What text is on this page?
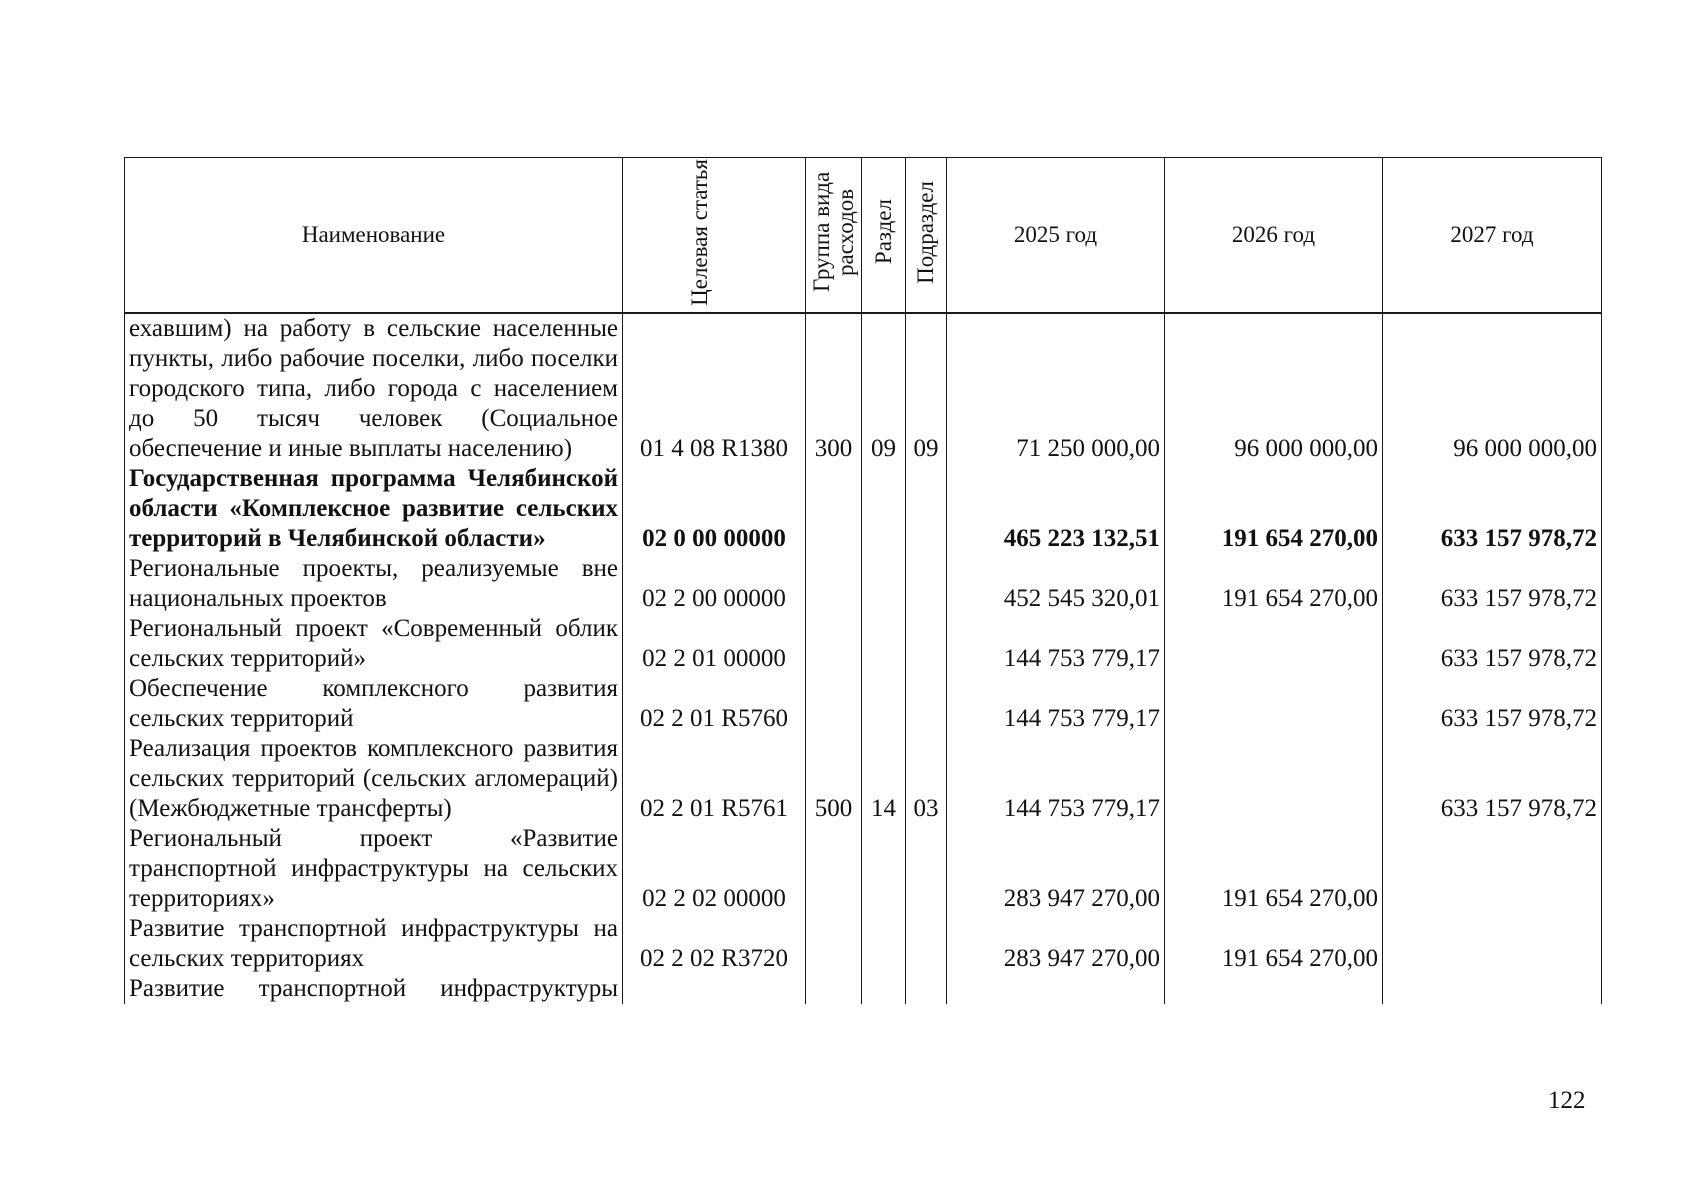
Наименование	Целевая статья	Группа вида расходов	Раздел	Подраздел	2025 год	2026 год	2027 год
ехавшим) на работу в сельские населенные пункты, либо рабочие поселки, либо поселки городского типа, либо города с населением до 50 тысяч человек (Социальное обеспечение и иные выплаты населению)	01 4 08 R1380	300	09	09	71 250 000,00	96 000 000,00	96 000 000,00
Государственная программа Челябинской области «Комплексное развитие сельских территорий в Челябинской области»	02 0 00 00000				465 223 132,51	191 654 270,00	633 157 978,72
Региональные проекты, реализуемые вне национальных проектов	02 2 00 00000				452 545 320,01	191 654 270,00	633 157 978,72
Региональный проект «Современный облик сельских территорий»	02 2 01 00000				144 753 779,17		633 157 978,72
Обеспечение комплексного развития сельских территорий	02 2 01 R5760				144 753 779,17		633 157 978,72
Реализация проектов комплексного развития сельских территорий (сельских агломераций) (Межбюджетные трансферты)	02 2 01 R5761	500	14	03	144 753 779,17		633 157 978,72
Региональный проект «Развитие транспортной инфраструктуры на сельских территориях»	02 2 02 00000				283 947 270,00	191 654 270,00	
Развитие транспортной инфраструктуры на сельских территориях	02 2 02 R3720				283 947 270,00	191 654 270,00	
Развитие транспортной инфраструктуры							
122
